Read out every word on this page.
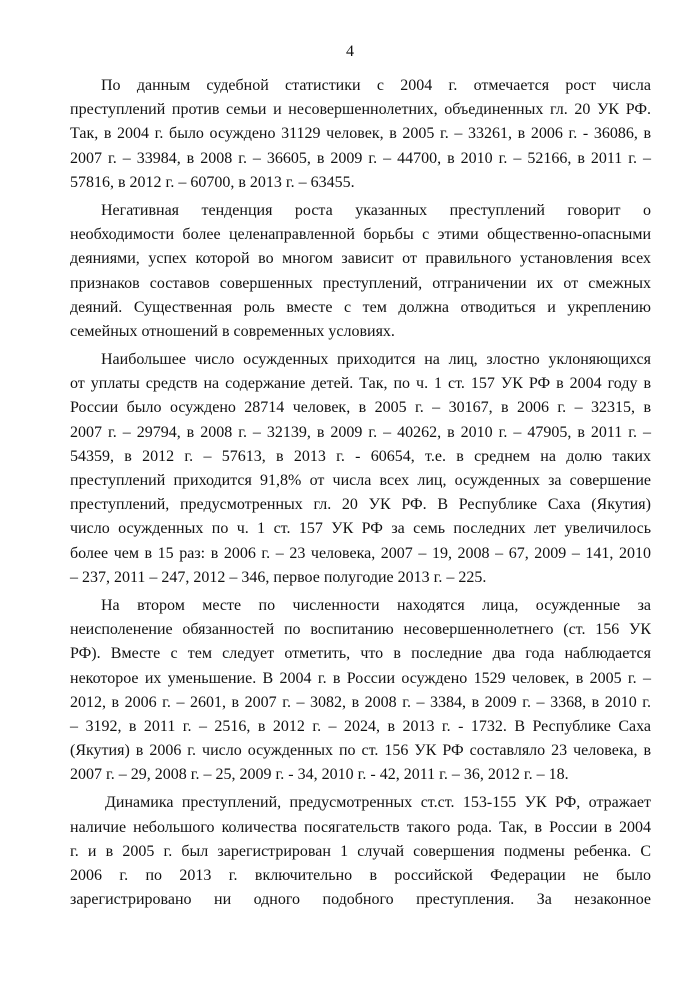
4

По данным судебной статистики с 2004 г. отмечается рост числа
преступлений против семьи и несовершеннолетних, объединенных гл. 20 УК РФ.
Так, в 2004 г. было осуждено 31129 человек, в 2005 г. – 33261, в 2006 г. - 36086, в
2007 г. – 33984, в 2008 г. – 36605, в 2009 г. – 44700, в 2010 г. – 52166, в 2011 г. –
57816, в 2012 г. – 60700, в 2013 г. – 63455.

Негативная тенденция роста указанных преступлений говорит о
необходимости более целенаправленной борьбы с этими общественно-опасными
деяниями, успех которой во многом зависит от правильного установления всех
признаков составов совершенных преступлений, отграничении их от смежных
деяний. Существенная роль вместе с тем должна отводиться и укреплению
семейных отношений в современных условиях.

Наибольшее число осужденных приходится на лиц, злостно уклоняющихся
от уплаты средств на содержание детей. Так, по ч. 1 ст. 157 УК РФ в 2004 году в
России было осуждено 28714 человек, в 2005 г. – 30167, в 2006 г. – 32315, в
2007 г. – 29794, в 2008 г. – 32139, в 2009 г. – 40262, в 2010 г. – 47905, в 2011 г. –
54359, в 2012 г. – 57613, в 2013 г. - 60654, т.е. в среднем на долю таких
преступлений приходится 91,8% от числа всех лиц, осужденных за совершение
преступлений, предусмотренных гл. 20 УК РФ. В Республике Саха (Якутия)
число осужденных по ч. 1 ст. 157 УК РФ за семь последних лет увеличилось
более чем в 15 раз: в 2006 г. – 23 человека, 2007 – 19, 2008 – 67, 2009 – 141, 2010
– 237, 2011 – 247, 2012 – 346, первое полугодие 2013 г. – 225.

На втором месте по численности находятся лица, осужденные за
неисполенение обязанностей по воспитанию несовершеннолетнего (ст. 156 УК
РФ). Вместе с тем следует отметить, что в последние два года наблюдается
некоторое их уменьшение. В 2004 г. в России осуждено 1529 человек, в 2005 г. –
2012, в 2006 г. – 2601, в 2007 г. – 3082, в 2008 г. – 3384, в 2009 г. – 3368, в 2010 г.
– 3192, в 2011 г. – 2516, в 2012 г. – 2024, в 2013 г. - 1732. В Республике Саха
(Якутия) в 2006 г. число осужденных по ст. 156 УК РФ составляло 23 человека, в
2007 г. – 29, 2008 г. – 25, 2009 г. - 34, 2010 г. - 42, 2011 г. – 36, 2012 г. – 18.

Динамика преступлений, предусмотренных ст.ст. 153-155 УК РФ, отражает
наличие небольшого количества посягательств такого рода. Так, в России в 2004
г. и в 2005 г. был зарегистрирован 1 случай совершения подмены ребенка. С
2006 г. по 2013 г. включительно в российской Федерации не было
зарегистрировано ни одного подобного преступления. За незаконное
